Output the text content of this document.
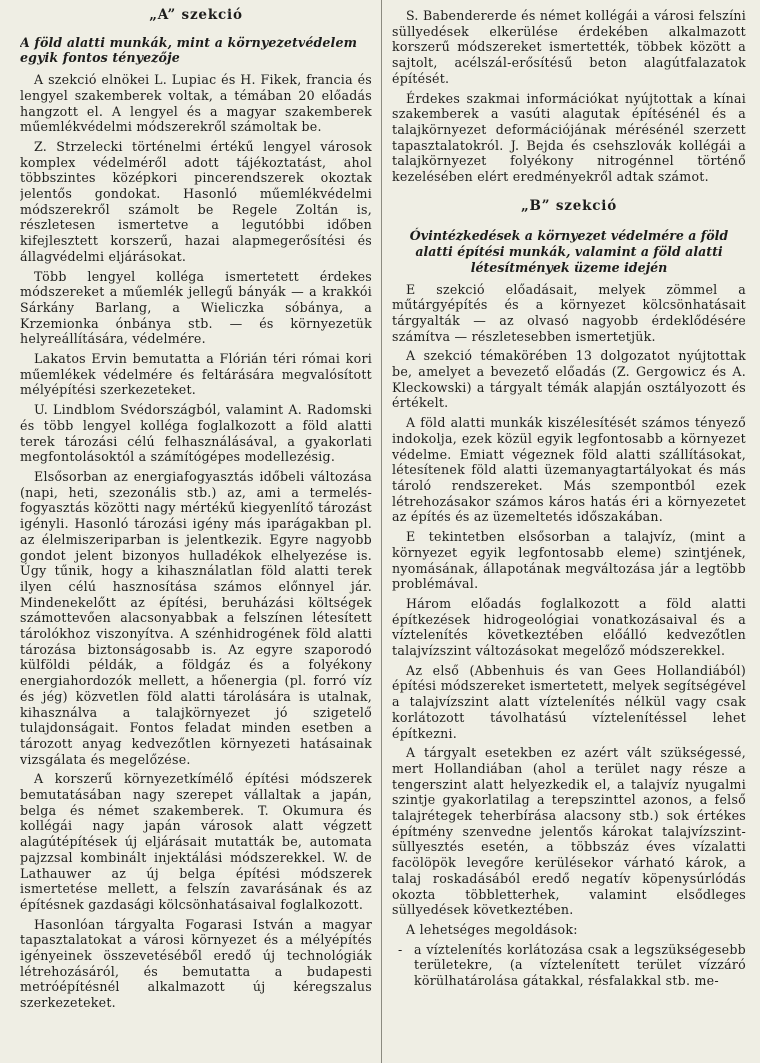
„A” szekció

A föld alatti munkák, mint a környezetvédelem egyik fontos tényezője

A szekció elnökei L. Lupiac és H. Fikek, francia és lengyel szakemberek voltak, a témában 20 előadás hangzott el. A lengyel és a magyar szakemberek műemlékvédelmi módszerekről számoltak be.

Z. Strzelecki történelmi értékű lengyel városok komplex védelméről adott tájékoztatást, ahol többszintes középkori pincerendszerek okoztak jelentős gondokat. Hasonló műemlékvédelmi módszerekről számolt be Regele Zoltán is, részletesen ismertetve a legutóbbi időben kifejlesztett korszerű, hazai alapmegerősítési és állagvédelmi eljárásokat.

Több lengyel kolléga ismertetett érdekes módszereket a műemlék jellegű bányák — a krakkói Sárkány Barlang, a Wieliczka sóbánya, a Krzemionka ónbánya stb. — és környezetük helyreállítására, védelmére.

Lakatos Ervin bemutatta a Flórián téri római kori műemlékek védelmére és feltárására megvalósított mélyépítési szerkezeteket.

U. Lindblom Svédországból, valamint A. Radomski és több lengyel kolléga foglalkozott a föld alatti terek tározási célú felhasználásával, a gyakorlati megfontolásoktól a számítógépes modellezésig.

Elsősorban az energiafogyasztás időbeli változása (napi, heti, szezonális stb.) az, ami a termelés-fogyasztás közötti nagy mértékű kiegyenlítő tározást igényli. Hasonló tározási igény más iparágakban pl. az élelmiszeriparban is jelentkezik. Egyre nagyobb gondot jelent bizonyos hulladékok elhelyezése is. Úgy tűnik, hogy a kihasználatlan föld alatti terek ilyen célú hasznosítása számos előnnyel jár. Mindenekelőtt az építési, beruházási költségek számottevően alacsonyabbak a felszínen létesített tárolókhoz viszonyítva. A szénhidrogének föld alatti tározása biztonságosabb is. Az egyre szaporodó külföldi példák, a földgáz és a folyékony energiahordozók mellett, a hőenergia (pl. forró víz és jég) közvetlen föld alatti tárolására is utalnak, kihasználva a talajkörnyezet jó szigetelő tulajdonságait. Fontos feladat minden esetben a tározott anyag kedvezőtlen környezeti hatásainak vizsgálata és megelőzése.

A korszerű környezetkímélő építési módszerek bemutatásában nagy szerepet vállaltak a japán, belga és német szakemberek. T. Okumura és kollégái nagy japán városok alatt végzett alagútépítések új eljárásait mutatták be, automata pajzzsal kombinált injektálási módszerekkel. W. de Lathauwer az új belga építési módszerek ismertetése mellett, a felszín zavarásának és az építésnek gazdasági kölcsönhatásaival foglalkozott.

Hasonlóan tárgyalta Fogarasi István a magyar tapasztalatokat a városi környezet és a mélyépítés igényeinek összevetéséből eredő új technológiák létrehozásáról, és bemutatta a budapesti metróépítésnél alkalmazott új kéregszalus szerkezeteket.

S. Babendererde és német kollégái a városi felszíni süllyedések elkerülése érdekében alkalmazott korszerű módszereket ismertették, többek között a sajtolt, acélszál-erősítésű beton alagútfalazatok építését.

Érdekes szakmai információkat nyújtottak a kínai szakemberek a vasúti alagutak építésénél és a talajkörnyezet deformációjának mérésénél szerzett tapasztalatokról. J. Bejda és csehszlovák kollégái a talajkörnyezet folyékony nitrogénnel történő kezelésében elért eredményekről adtak számot.

„B” szekció

Óvintézkedések a környezet védelmére a föld alatti építési munkák, valamint a föld alatti létesítmények üzeme idején

E szekció előadásait, melyek zömmel a műtárgyépítés és a környezet kölcsönhatásait tárgyalták — az olvasó nagyobb érdeklődésére számítva — részletesebben ismertetjük.

A szekció témakörében 13 dolgozatot nyújtottak be, amelyet a bevezető előadás (Z. Gergowicz és A. Kleckowski) a tárgyalt témák alapján osztályozott és értékelt.

A föld alatti munkák kiszélesítését számos tényező indokolja, ezek közül egyik legfontosabb a környezet védelme. Emiatt végeznek föld alatti szállításokat, létesítenek föld alatti üzemanyagtartályokat és más tároló rendszereket. Más szempontból ezek létrehozásakor számos káros hatás éri a környezetet az építés és az üzemeltetés időszakában.

E tekintetben elsősorban a talajvíz, (mint a környezet egyik legfontosabb eleme) szintjének, nyomásának, állapotának megváltozása jár a legtöbb problémával.

Három előadás foglalkozott a föld alatti építkezések hidrogeológiai vonatkozásaival és a víztelenítés következtében előálló kedvezőtlen talajvízszint változásokat megelőző módszerekkel.

Az első (Abbenhuis és van Gees Hollandiából) építési módszereket ismertetett, melyek segítségével a talajvízszint alatt víztelenítés nélkül vagy csak korlátozott távolhatású víztelenítéssel lehet építkezni.

A tárgyalt esetekben ez azért vált szükségessé, mert Hollandiában (ahol a terület nagy része a tengerszint alatt helyezkedik el, a talajvíz nyugalmi szintje gyakorlatilag a terepszinttel azonos, a felső talajrétegek teherbírása alacsony stb.) sok értékes építmény szenvedne jelentős károkat talajvízszint-süllyesztés esetén, a többszáz éves vízalatti facölöpök levegőre kerülésekor várható károk, a talaj roskadásából eredő negatív köpenysúrlódás okozta többletterhek, valamint elsődleges süllyedések következtében.

A lehetséges megoldások:

- a víztelenítés korlátozása csak a legszükségesebb területekre, (a víztelenített terület vízzáró körülhatárolása gátakkal, résfalakkal stb. me-
